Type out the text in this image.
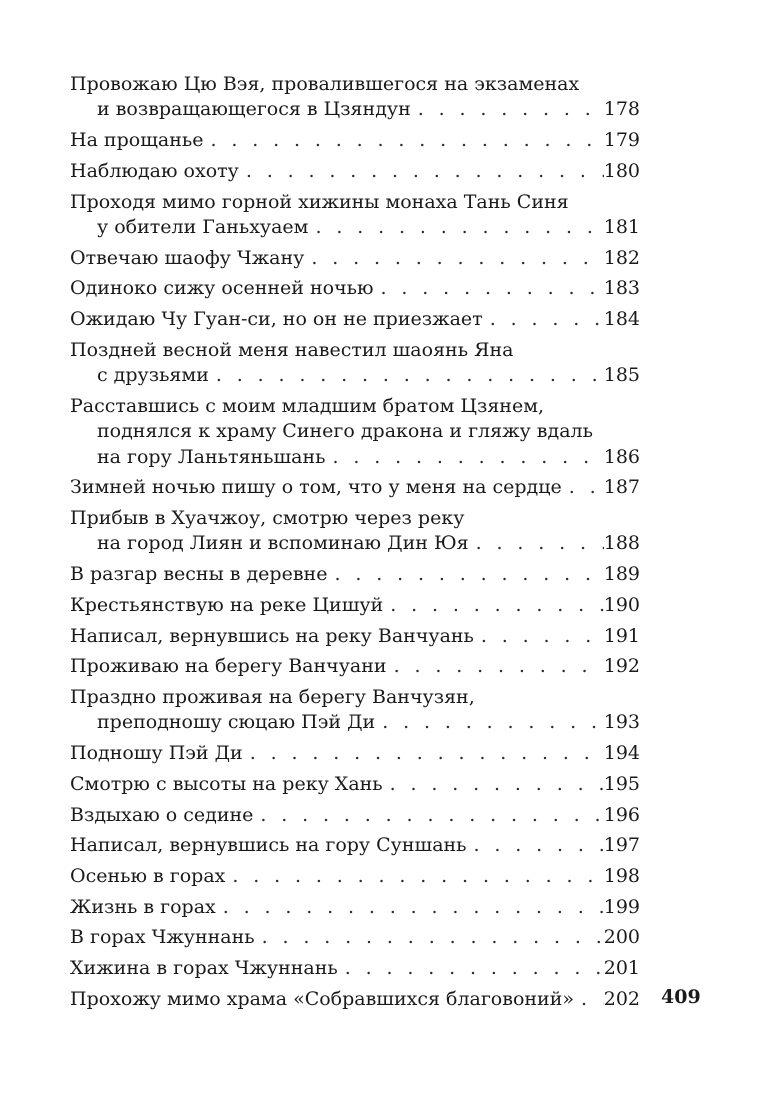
Провожаю Цю Вэя, провалившегося на экзаменах
и возвращающегося в Цзяндун . . .	178
На прощанье . . .	179
Наблюдаю охоту . . .	180
Проходя мимо горной хижины монаха Тань Синя
у обители Ганьхуаем . . .	181
Отвечаю шаофу Чжану . . .	182
Одиноко сижу осенней ночью . . .	183
Ожидаю Чу Гуан-си, но он не приезжает . . .	184
Поздней весной меня навестил шаоянь Яна
с друзьями . . .	185
Расставшись с моим младшим братом Цзянем,
поднялся к храму Синего дракона и гляжу вдаль
на гору Ланьтяньшань . . .	186
Зимней ночью пишу о том, что у меня на сердце . . . 187
Прибыв в Хуачжоу, смотрю через реку
на город Лиян и вспоминаю Дин Юя . . .	188
В разгар весны в деревне . . .	189
Крестьянствую на реке Цишуй . . .	190
Написал, вернувшись на реку Ванчуань . . .	191
Проживаю на берегу Ванчуани . . .	192
Праздно проживая на берегу Ванчузян,
преподношу сюцаю Пэй Ди . . .	193
Подношу Пэй Ди . . .	194
Смотрю с высоты на реку Хань . . .	195
Вздыхаю о седине . . .	196
Написал, вернувшись на гору Суншань . . .	197
Осенью в горах . . .	198
Жизнь в горах . . .	199
В горах Чжуннань . . .	200
Хижина в горах Чжуннань . . .	201
Прохожу мимо храма «Собравшихся благовоний» . . . 202 409
